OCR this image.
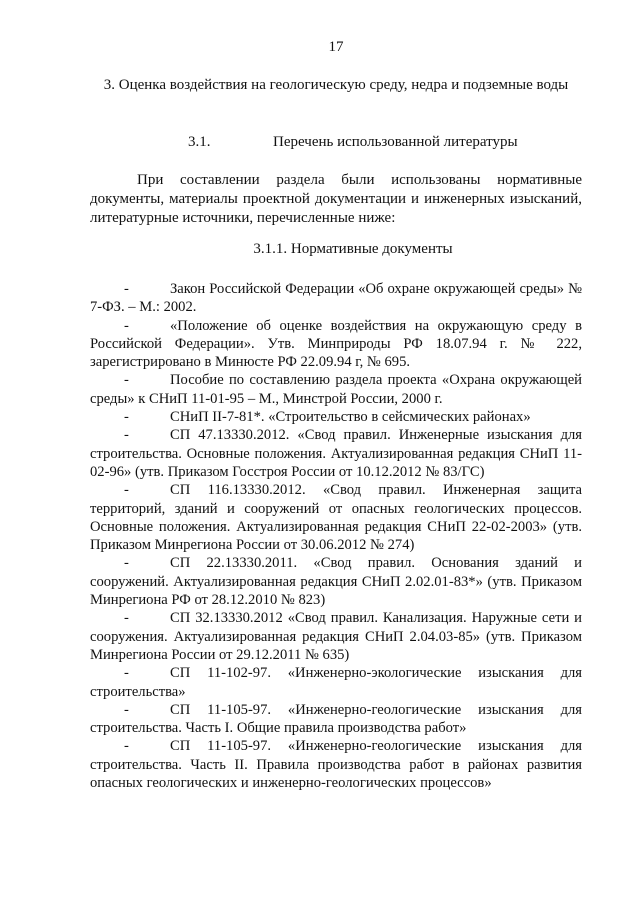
17
3. Оценка воздействия на геологическую среду, недра и подземные воды
3.1.	Перечень использованной литературы

При составлении раздела были использованы нормативные документы, материалы проектной документации и инженерных изысканий, литературные источники, перечисленные ниже:

3.1.1. Нормативные документы
-	Закон Российской Федерации «Об охране окружающей среды» № 7-ФЗ. – М.: 2002.
-	«Положение об оценке воздействия на окружающую среду в Российской Федерации». Утв. Минприроды РФ 18.07.94 г. № 222, зарегистрировано в Минюсте РФ 22.09.94 г, № 695.
-	Пособие по составлению раздела проекта «Охрана окружающей среды» к СНиП 11-01-95 – М., Минстрой России, 2000 г.
-	СНиП II-7-81*. «Строительство в сейсмических районах»
-	СП 47.13330.2012. «Свод правил. Инженерные изыскания для строительства. Основные положения. Актуализированная редакция СНиП 11-02-96» (утв. Приказом Госстроя России от 10.12.2012 № 83/ГС)
-	СП 116.13330.2012. «Свод правил. Инженерная защита территорий, зданий и сооружений от опасных геологических процессов. Основные положения. Актуализированная редакция СНиП 22-02-2003» (утв. Приказом Минрегиона России от 30.06.2012 № 274)
-	СП 22.13330.2011. «Свод правил. Основания зданий и сооружений. Актуализированная редакция СНиП 2.02.01-83*» (утв. Приказом Минрегиона РФ от 28.12.2010 № 823)
-	СП 32.13330.2012 «Свод правил. Канализация. Наружные сети и сооружения. Актуализированная редакция СНиП 2.04.03-85» (утв. Приказом Минрегиона России от 29.12.2011 № 635)
-	СП 11-102-97. «Инженерно-экологические изыскания для строительства»
-	СП 11-105-97. «Инженерно-геологические изыскания для строительства. Часть I. Общие правила производства работ»
-	СП 11-105-97. «Инженерно-геологические изыскания для строительства. Часть II. Правила производства работ в районах развития опасных геологических и инженерно-геологических процессов»
